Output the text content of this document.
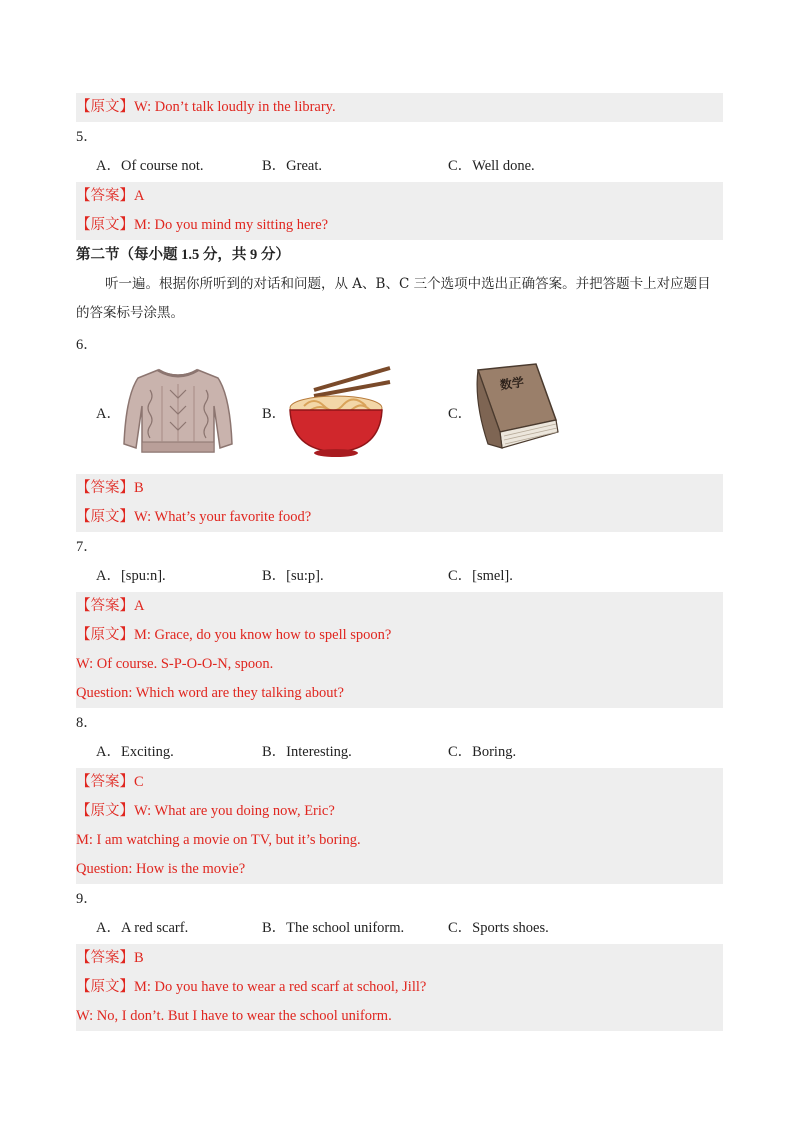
【原文】W: Don’t talk loudly in the library.
5．
A．Of course not.	B．Great.	C．Well done.
【答案】A
【原文】M: Do you mind my sitting here?
第二节（每小题 1.5 分，共 9 分）
听一遍。根据你所听到的对话和问题，从 A、B、C 三个选项中选出正确答案。并把答题卡上对应题目的答案标号涂黑。
6．
A．	B．	C．
数学
【答案】B
【原文】W: What’s your favorite food?
7．
A．[spu:n].	B．[su:p].	C．[smel].
【答案】A
【原文】M: Grace, do you know how to spell spoon?
W: Of course. S-P-O-O-N, spoon.
Question: Which word are they talking about?
8．
A．Exciting.	B．Interesting.	C．Boring.
【答案】C
【原文】W: What are you doing now, Eric?
M: I am watching a movie on TV, but it’s boring.
Question: How is the movie?
9．
A．A red scarf.	B．The school uniform.	C．Sports shoes.
【答案】B
【原文】M: Do you have to wear a red scarf at school, Jill?
W: No, I don’t. But I have to wear the school uniform.
